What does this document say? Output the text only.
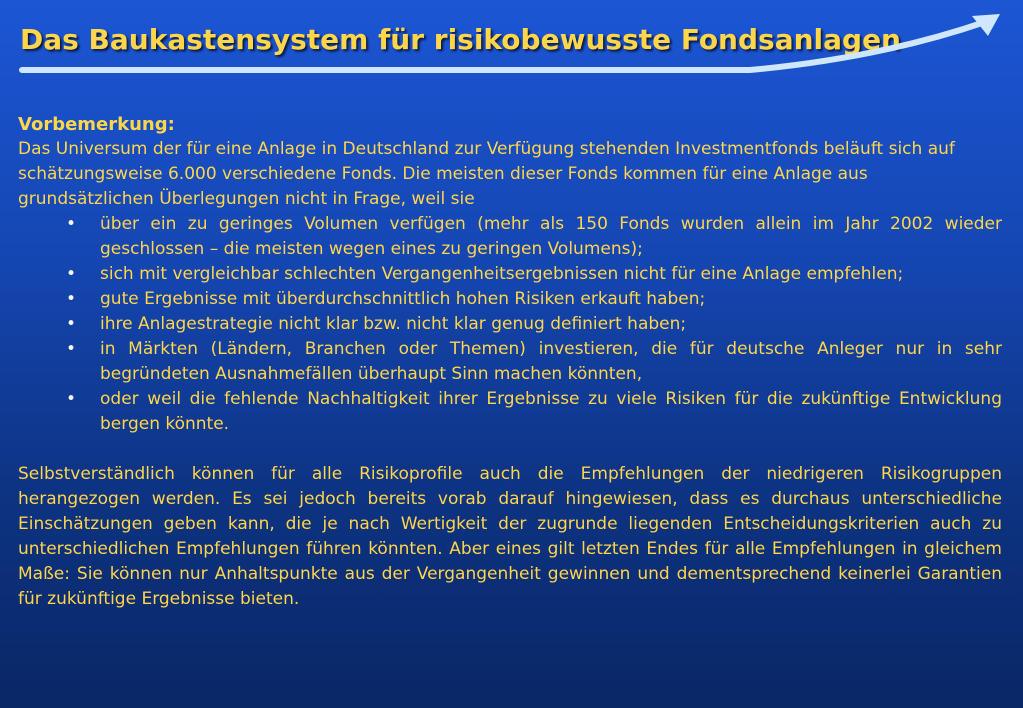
Das Baukastensystem für risikobewusste Fondsanlagen

Vorbemerkung:

Das Universum der für eine Anlage in Deutschland zur Verfügung stehenden Investmentfonds beläuft sich auf schätzungsweise 6.000 verschiedene Fonds. Die meisten dieser Fonds kommen für eine Anlage aus grundsätzlichen Überlegungen nicht in Frage, weil sie

• über ein zu geringes Volumen verfügen (mehr als 150 Fonds wurden allein im Jahr 2002 wieder geschlossen – die meisten wegen eines zu geringen Volumens);
• sich mit vergleichbar schlechten Vergangenheitsergebnissen nicht für eine Anlage empfehlen;
• gute Ergebnisse mit überdurchschnittlich hohen Risiken erkauft haben;
• ihre Anlagestrategie nicht klar bzw. nicht klar genug definiert haben;
• in Märkten (Ländern, Branchen oder Themen) investieren, die für deutsche Anleger nur in sehr begründeten Ausnahmefällen überhaupt Sinn machen könnten,
• oder weil die fehlende Nachhaltigkeit ihrer Ergebnisse zu viele Risiken für die zukünftige Entwicklung bergen könnte.

Selbstverständlich können für alle Risikoprofile auch die Empfehlungen der niedrigeren Risikogruppen herangezogen werden. Es sei jedoch bereits vorab darauf hingewiesen, dass es durchaus unterschiedliche Einschätzungen geben kann, die je nach Wertigkeit der zugrunde liegenden Entscheidungskriterien auch zu unterschiedlichen Empfehlungen führen könnten. Aber eines gilt letzten Endes für alle Empfehlungen in gleichem Maße: Sie können nur Anhaltspunkte aus der Vergangenheit gewinnen und dementsprechend keinerlei Garantien für zukünftige Ergebnisse bieten.
